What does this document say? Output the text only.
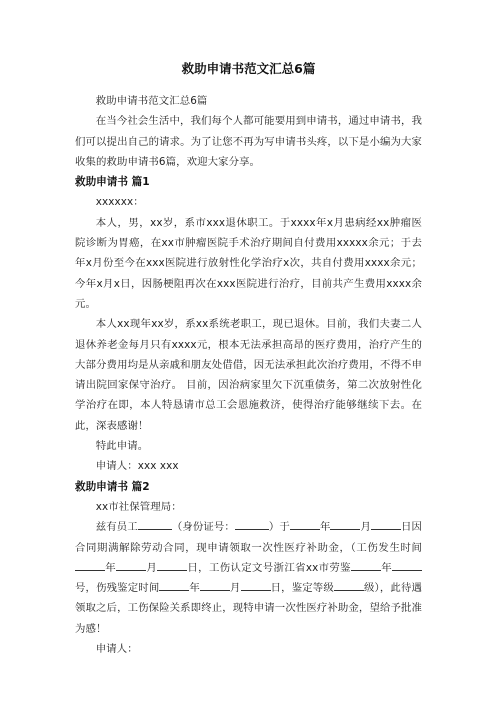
救助申请书范文汇总6篇

救助申请书范文汇总6篇

在当今社会生活中，我们每个人都可能要用到申请书，通过申请书，我们可以提出自己的请求。为了让您不再为写申请书头疼，以下是小编为大家收集的救助申请书6篇，欢迎大家分享。

救助申请书 篇1

xxxxxx：

本人，男，xx岁，系市xxx退休职工。于xxxx年x月患病经xx肿瘤医院诊断为胃癌，在xx市肿瘤医院手术治疗期间自付费用xxxxx余元；于去年x月份至今在xxx医院进行放射性化学治疗x次，共自付费用xxxx余元；今年x月x日，因肠梗阻再次在xxx医院进行治疗，目前共产生费用xxxx余元。

本人xx现年xx岁，系xx系统老职工，现已退休。目前，我们夫妻二人退休养老金每月只有xxxx元，根本无法承担高昂的医疗费用，治疗产生的大部分费用均是从亲戚和朋友处借借，因无法承担此次治疗费用，不得不申请出院回家保守治疗。 目前，因治病家里欠下沉重债务，第二次放射性化学治疗在即，本人特恳请市总工会恩施救济，使得治疗能够继续下去。在此，深表感谢！

特此申请。

申请人：xxx xxx

救助申请书 篇2

xx市社保管理局：

兹有员工	（身份证号：	）于	年	月	日因合同期满解除劳动合同，现申请领取一次性医疗补助金，（工伤发生时间年	月	日，工伤认定文号浙江省xx市劳鉴	年号，伤残鉴定时间	年	月	日，鉴定等级	级），此待遇领取之后，工伤保险关系即终止，现特申请一次性医疗补助金，望给予批准为感！

申请人：
